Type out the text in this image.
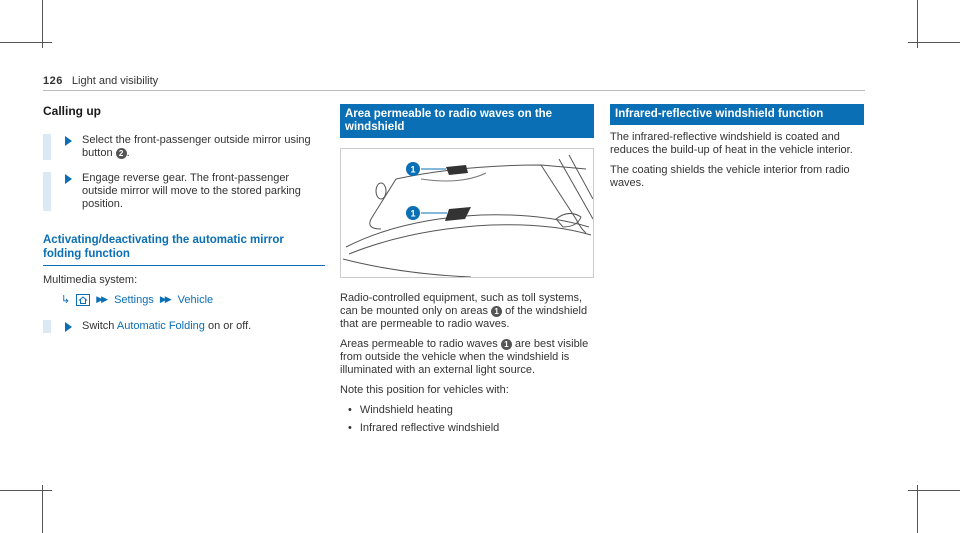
126 Light and visibility
Calling up
Select the front-passenger outside mirror using button 2 .
Engage reverse gear. The front-passenger outside mirror will move to the stored parking position.
Activating/deactivating the automatic mirror folding function

Multimedia system:

↳	▶▶ Settings ▶▶ Vehicle
Switch Automatic Folding on or off.
Area permeable to radio waves on the windshield
1
1

Radio-controlled equipment, such as toll systems, can be mounted only on areas 1 of the windshield that are permeable to radio waves.

Areas permeable to radio waves 1 are best visible from outside the vehicle when the windshield is illuminated with an external light source.

Note this position for vehicles with:

• Windshield heating
• Infrared reflective windshield
Infrared-reflective windshield function

The infrared-reflective windshield is coated and reduces the build-up of heat in the vehicle interior.

The coating shields the vehicle interior from radio waves.
